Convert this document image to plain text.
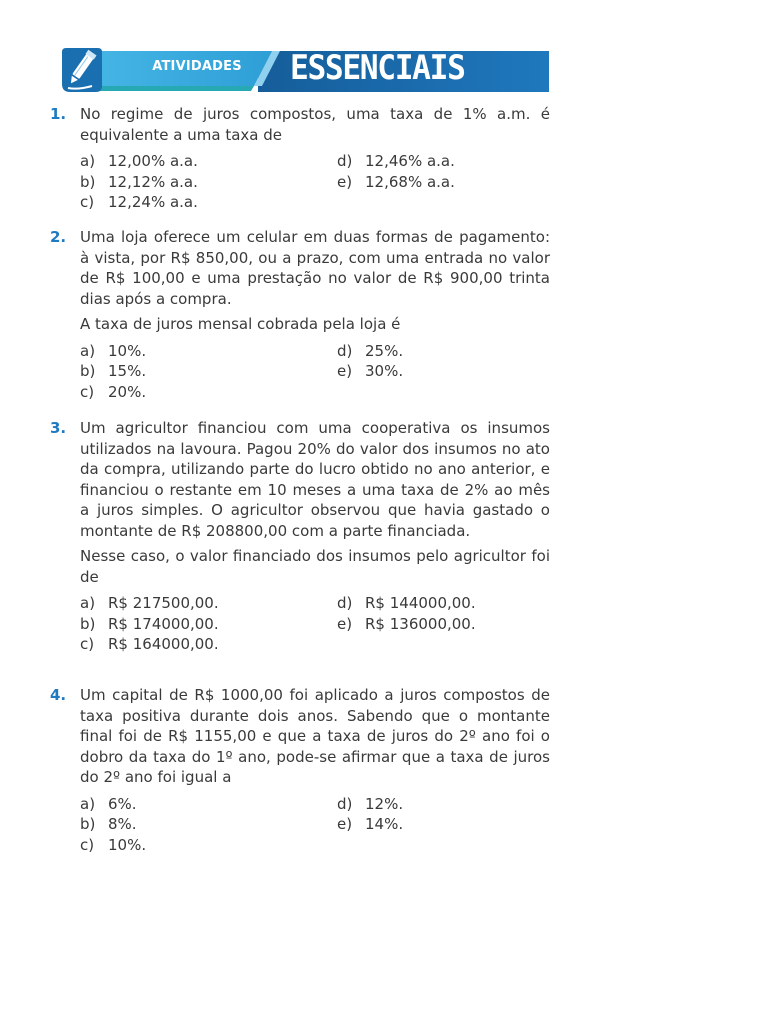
ATIVIDADES	ESSENCIAIS
1. No regime de juros compostos, uma taxa de 1% a.m. é equivalente a uma taxa de

a) 12,00% a.a.
b) 12,12% a.a.
c) 12,24% a.a.
d) 12,46% a.a.
e) 12,68% a.a.
2. Uma loja oferece um celular em duas formas de pagamento: à vista, por R$ 850,00, ou a prazo, com uma entrada no valor de R$ 100,00 e uma prestação no valor de R$ 900,00 trinta dias após a compra.

A taxa de juros mensal cobrada pela loja é

a) 10%.
b) 15%.
c) 20%.
d) 25%.
e) 30%.
3. Um agricultor financiou com uma cooperativa os insumos utilizados na lavoura. Pagou 20% do valor dos insumos no ato da compra, utilizando parte do lucro obtido no ano anterior, e financiou o restante em 10 meses a uma taxa de 2% ao mês a juros simples. O agricultor observou que havia gastado o montante de R$ 208800,00 com a parte financiada.

Nesse caso, o valor financiado dos insumos pelo agricultor foi de

a) R$ 217500,00.
b) R$ 174000,00.
c) R$ 164000,00.
d) R$ 144000,00.
e) R$ 136000,00.
4. Um capital de R$ 1000,00 foi aplicado a juros compostos de taxa positiva durante dois anos. Sabendo que o montante final foi de R$ 1155,00 e que a taxa de juros do 2º ano foi o dobro da taxa do 1º ano, pode-se afirmar que a taxa de juros do 2º ano foi igual a

a) 6%.
b) 8%.
c) 10%.
d) 12%.
e) 14%.
